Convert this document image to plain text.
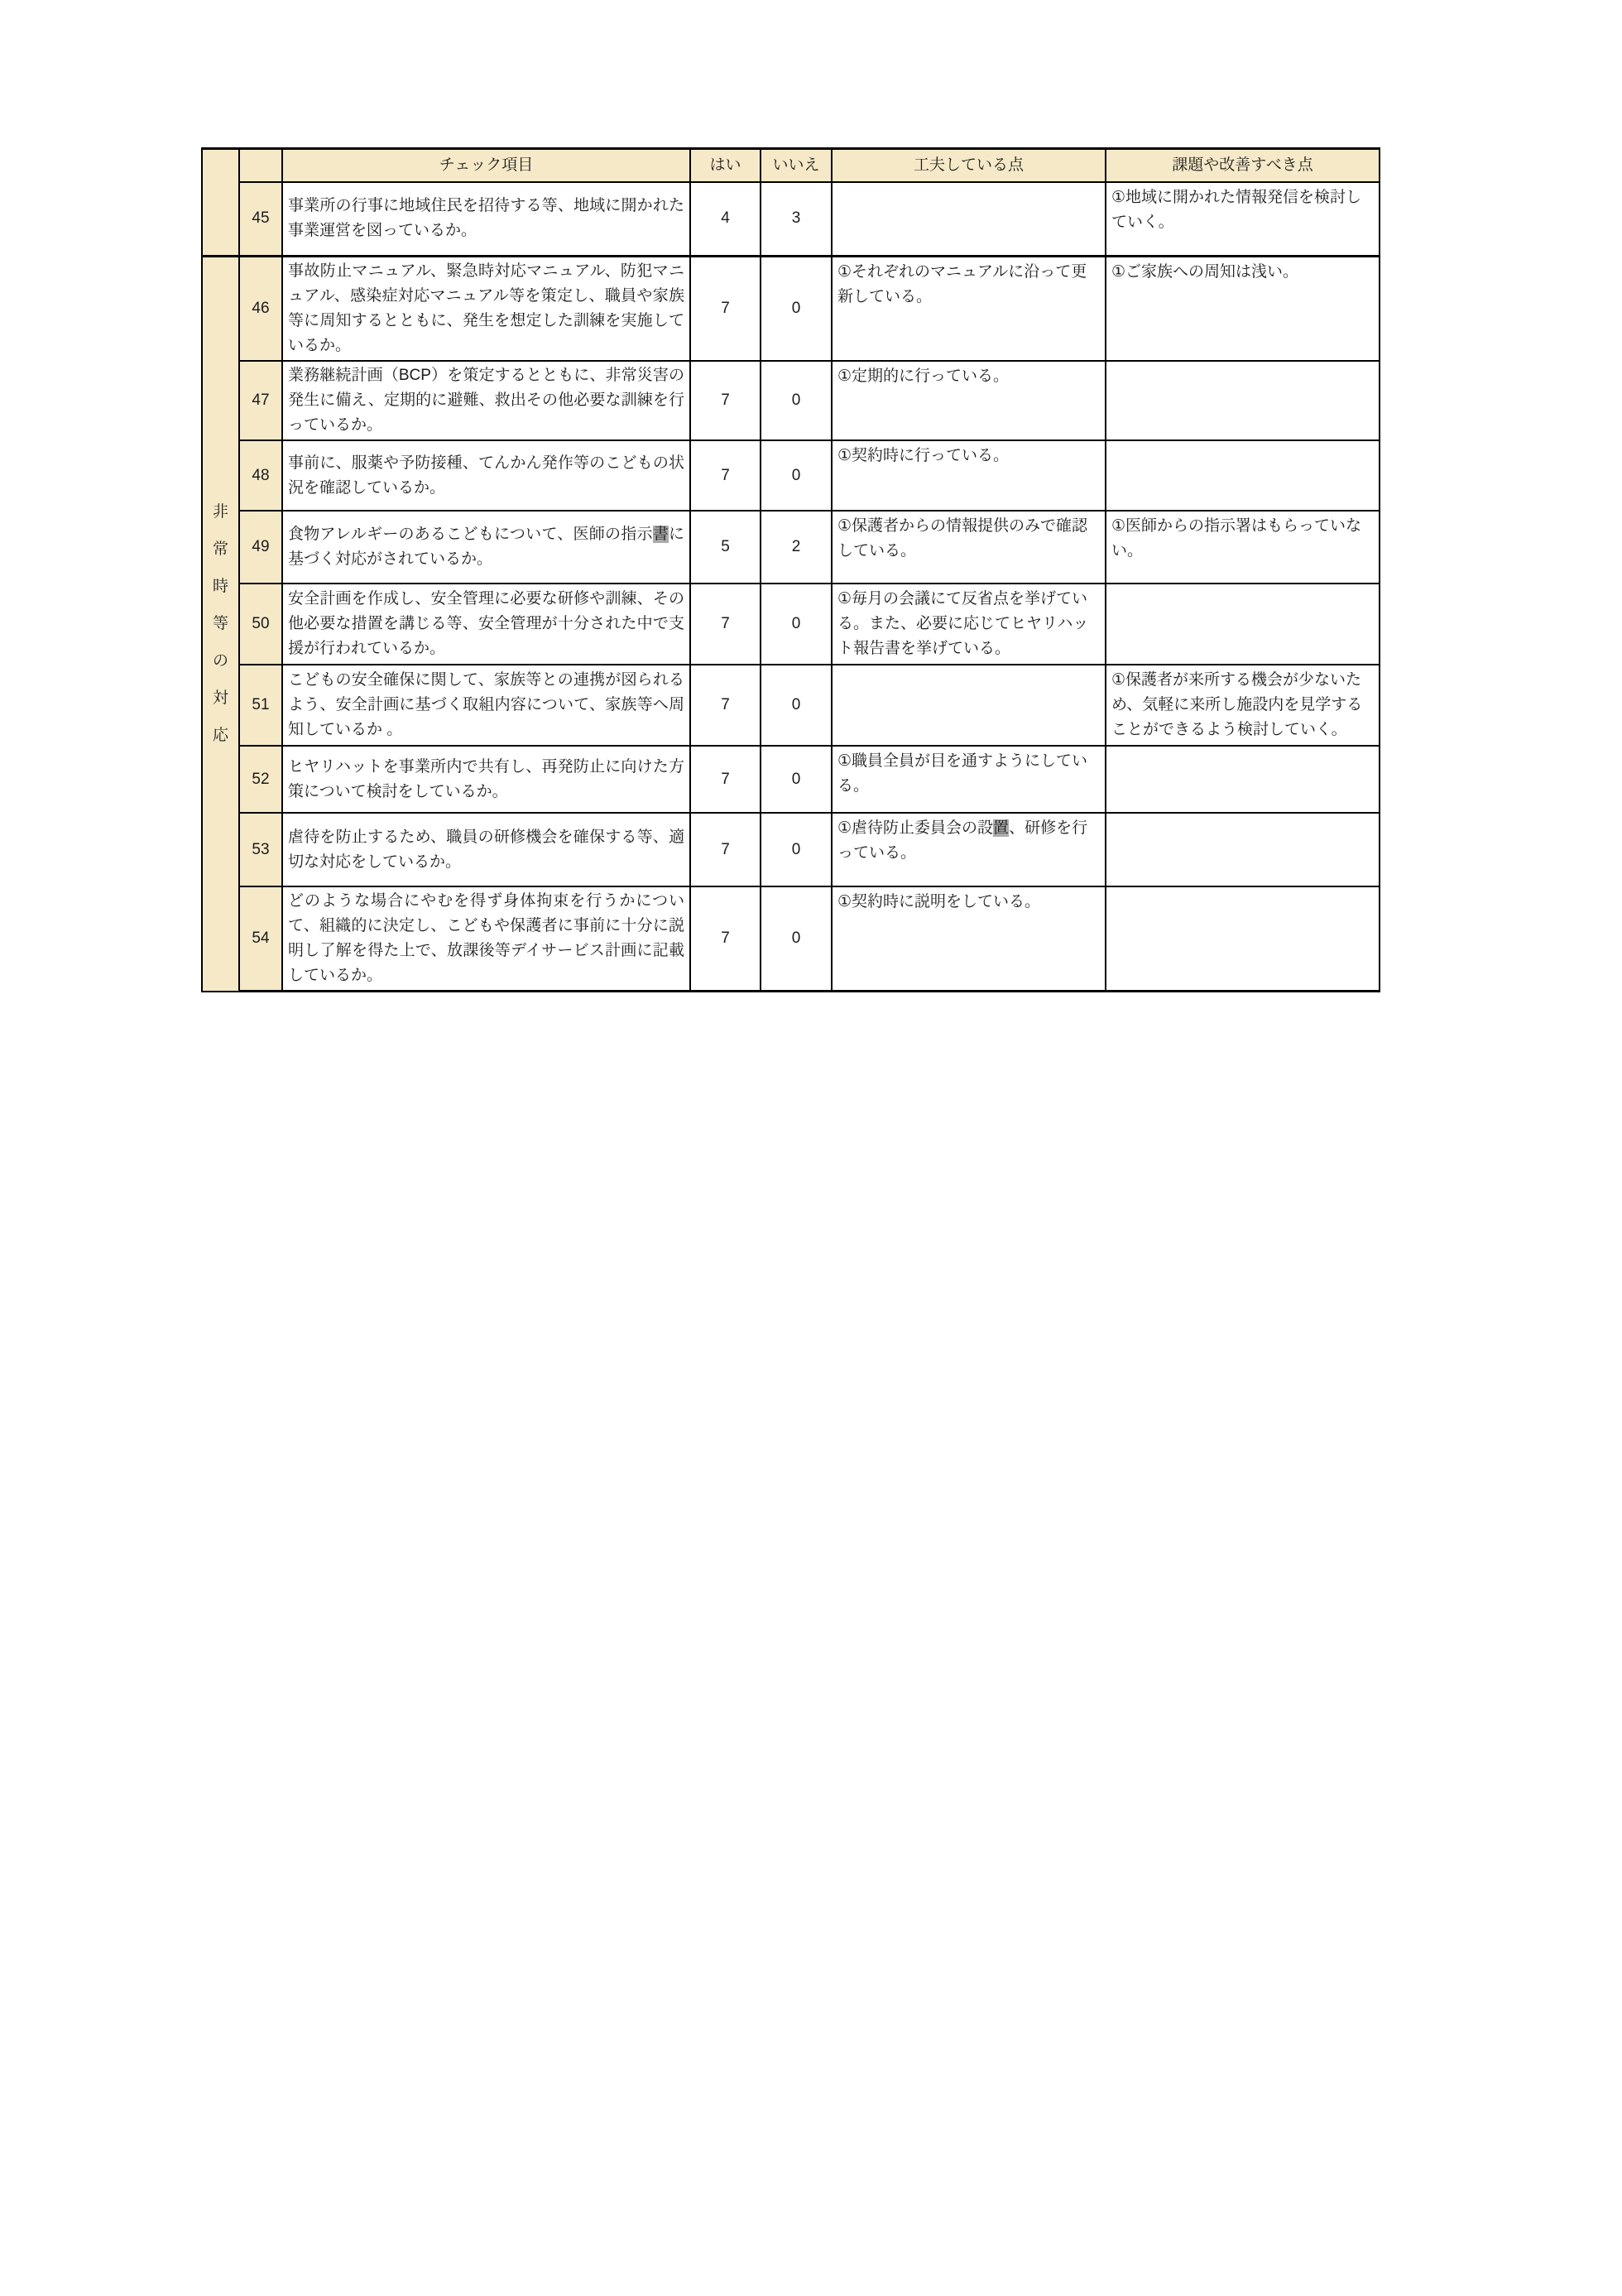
		チェック項目	はい	いいえ	工夫している点	課題や改善すべき点
	45	事業所の行事に地域住民を招待する等、地域に開かれた事業運営を図っているか。	4	3		①地域に開かれた情報発信を検討していく。

非
常
時
等
の
対
応
	46	事故防止マニュアル、緊急時対応マニュアル、防犯マニュアル、感染症対応マニュアル等を策定し、職員や家族等に周知するとともに、発生を想定した訓練を実施しているか。	7	0	①それぞれのマニュアルに沿って更新している。	①ご家族への周知は浅い。
	47	業務継続計画（BCP）を策定するとともに、非常災害の発生に備え、定期的に避難、救出その他必要な訓練を行っているか。	7	0	①定期的に行っている。	
	48	事前に、服薬や予防接種、てんかん発作等のこどもの状況を確認しているか。	7	0	①契約時に行っている。	
	49	食物アレルギーのあるこどもについて、医師の指示書に基づく対応がされているか。	5	2	①保護者からの情報提供のみで確認している。	①医師からの指示署はもらっていない。
	50	安全計画を作成し、安全管理に必要な研修や訓練、その他必要な措置を講じる等、安全管理が十分された中で支援が行われているか。	7	0	①毎月の会議にて反省点を挙げている。また、必要に応じてヒヤリハット報告書を挙げている。	
	51	こどもの安全確保に関して、家族等との連携が図られるよう、安全計画に基づく取組内容について、家族等へ周知しているか 。	7	0		①保護者が来所する機会が少ないため、気軽に来所し施設内を見学することができるよう検討していく。
	52	ヒヤリハットを事業所内で共有し、再発防止に向けた方策について検討をしているか。	7	0	①職員全員が目を通すようにしている。	
	53	虐待を防止するため、職員の研修機会を確保する等、適切な対応をしているか。	7	0	①虐待防止委員会の設置、研修を行っている。	
	54	どのような場合にやむを得ず身体拘束を行うかについて、組織的に決定し、こどもや保護者に事前に十分に説明し了解を得た上で、放課後等デイサービス計画に記載しているか。	7	0	①契約時に説明をしている。	
